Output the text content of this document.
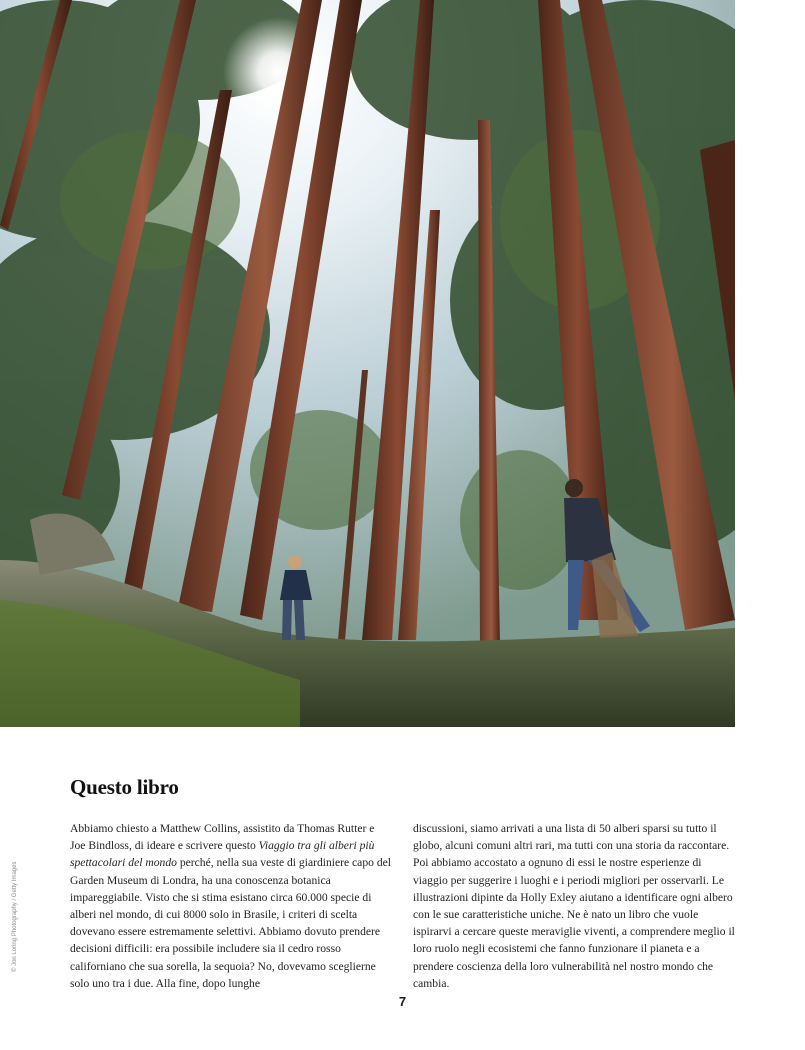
© Jon Loring Photography / Getty Images
Questo libro

Abbiamo chiesto a Matthew Collins, assistito da Thomas Rutter e Joe Bindloss, di ideare e scrivere questo Viaggio tra gli alberi più spettacolari del mondo perché, nella sua veste di giardiniere capo del Garden Museum di Londra, ha una conoscenza botanica impareggiabile. Visto che si stima esistano circa 60.000 specie di alberi nel mondo, di cui 8000 solo in Brasile, i criteri di scelta dovevano essere estremamente selettivi. Abbiamo dovuto prendere decisioni difficili: era possibile includere sia il cedro rosso californiano che sua sorella, la sequoia? No, dovevamo sceglierne solo uno tra i due. Alla fine, dopo lunghe

discussioni, siamo arrivati a una lista di 50 alberi sparsi su tutto il globo, alcuni comuni altri rari, ma tutti con una storia da raccontare. Poi abbiamo accostato a ognuno di essi le nostre esperienze di viaggio per suggerire i luoghi e i periodi migliori per osservarli. Le illustrazioni dipinte da Holly Exley aiutano a identificare ogni albero con le sue caratteristiche uniche. Ne è nato un libro che vuole ispirarvi a cercare queste meraviglie viventi, a comprendere meglio il loro ruolo negli ecosistemi che fanno funzionare il pianeta e a prendere coscienza della loro vulnerabilità nel nostro mondo che cambia.

7
